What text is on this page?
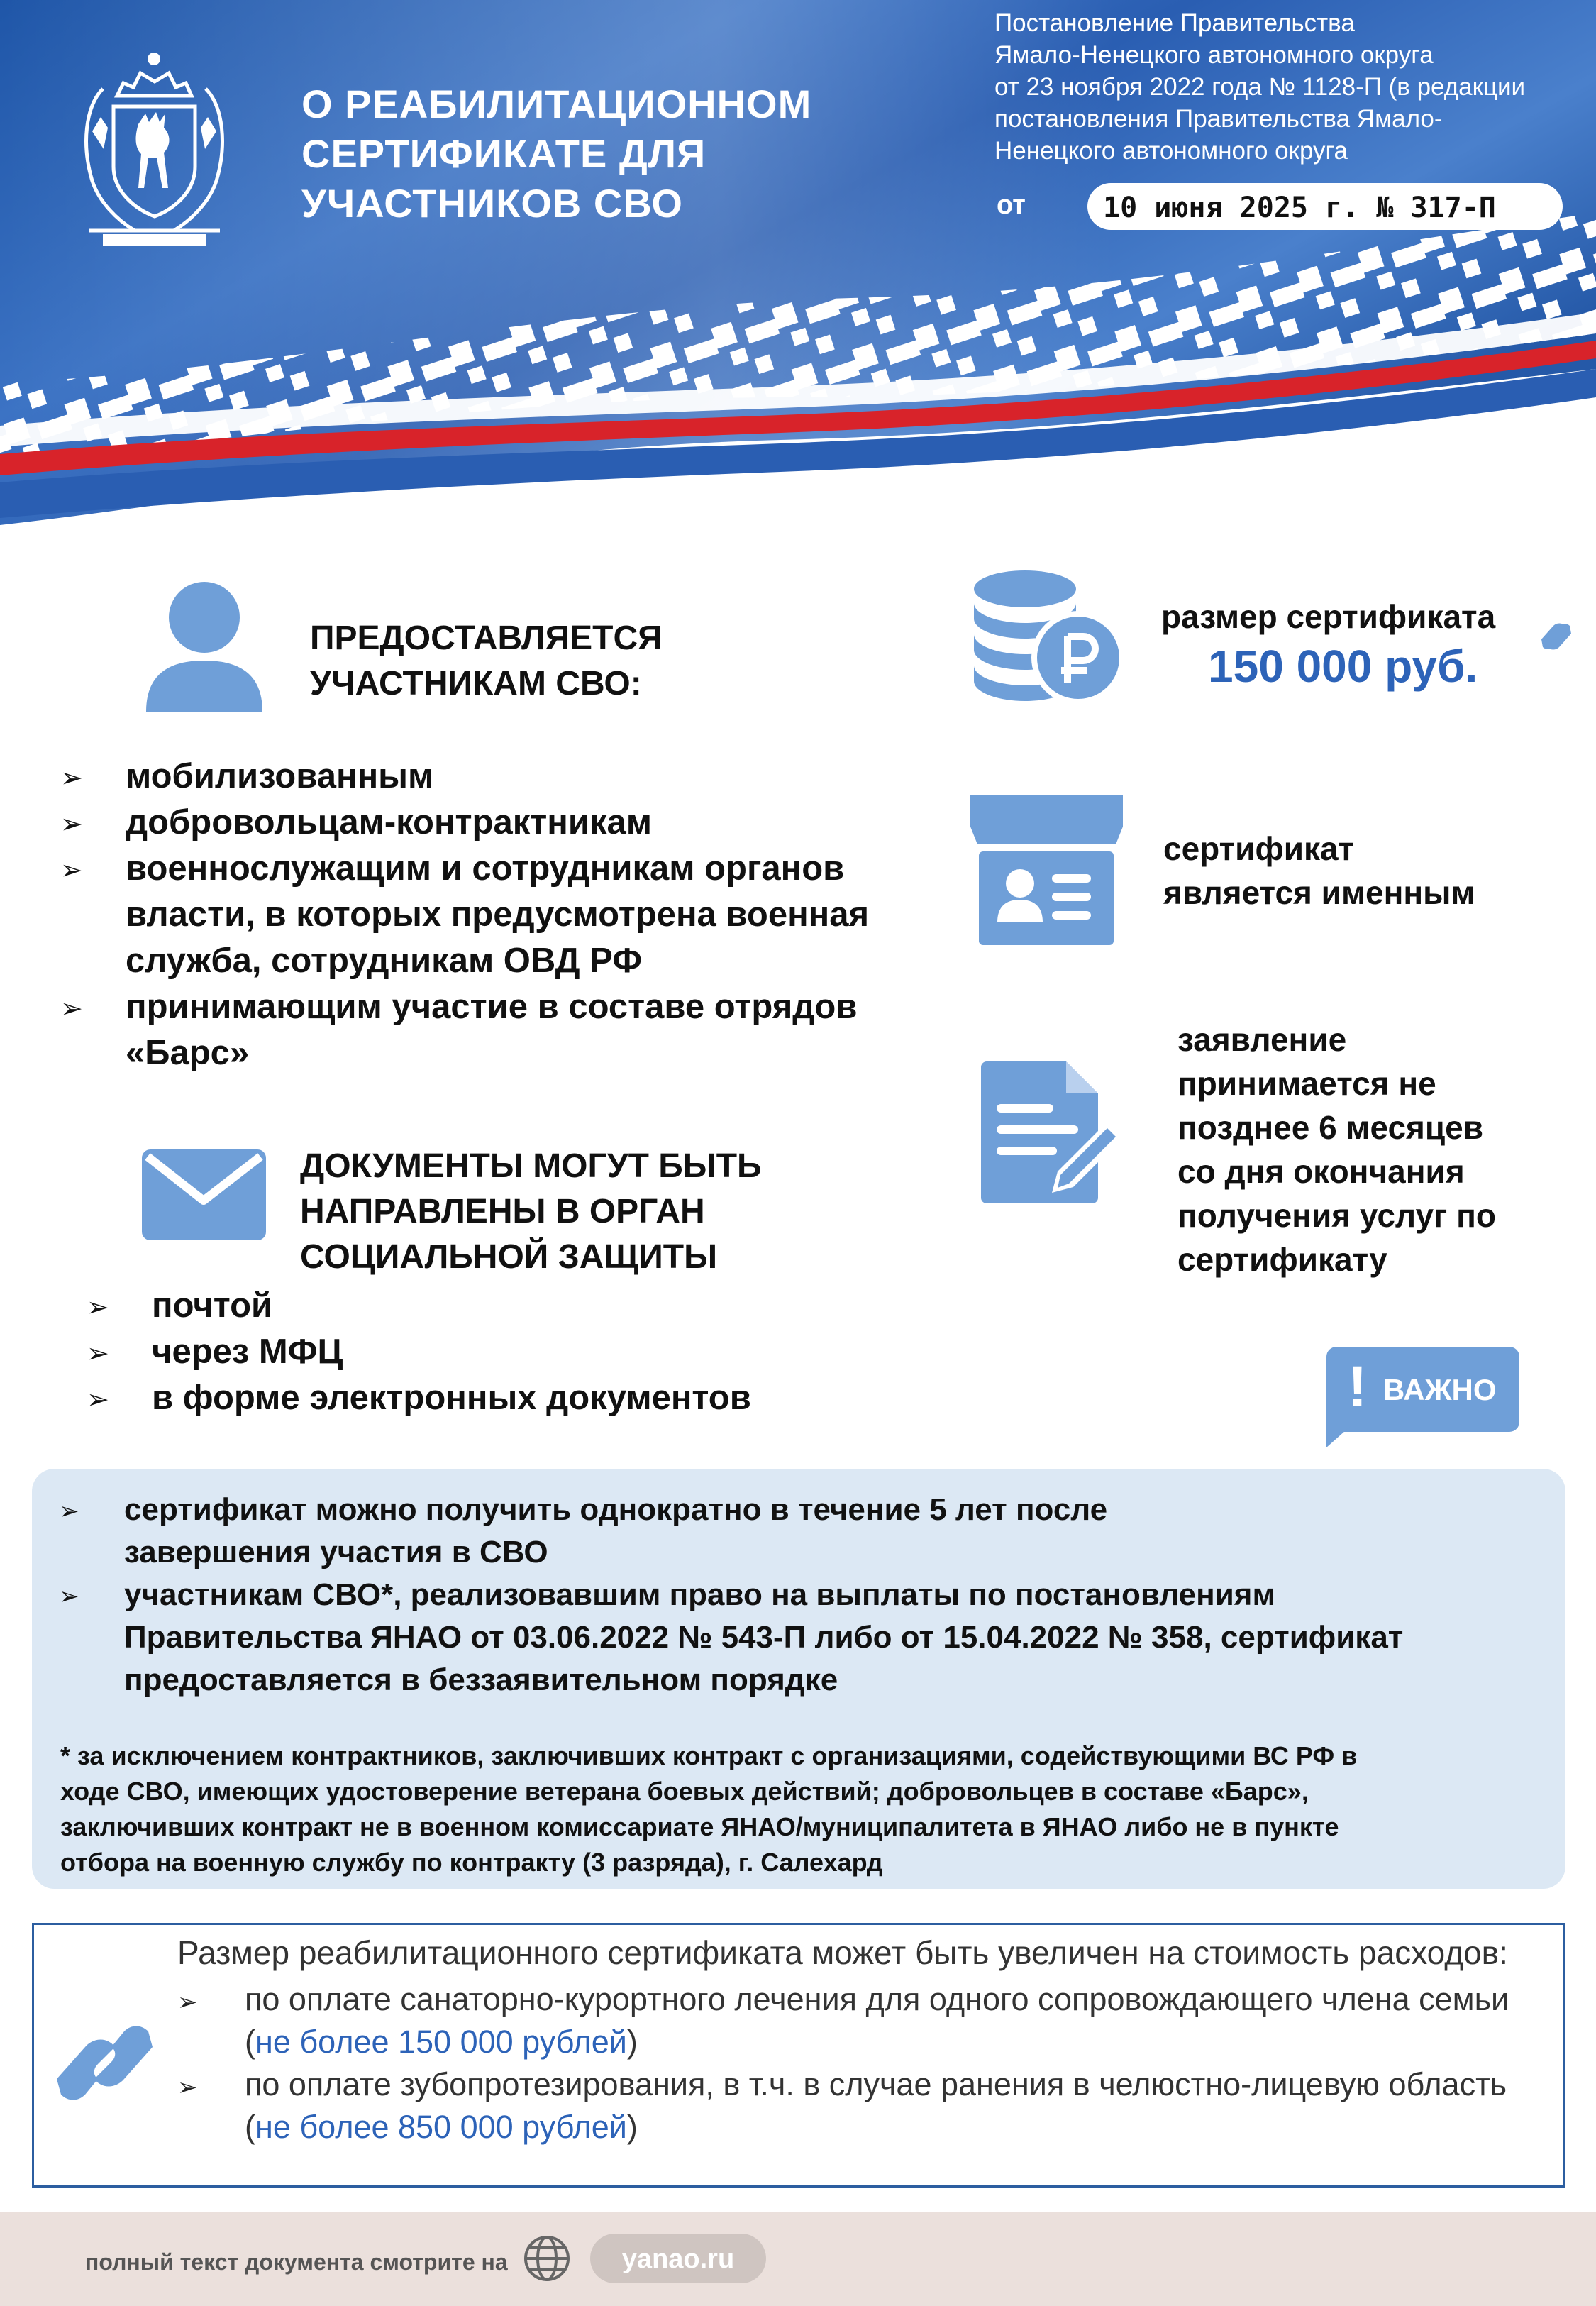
О РЕАБИЛИТАЦИОННОМ
СЕРТИФИКАТЕ ДЛЯ
УЧАСТНИКОВ СВО
Постановление Правительства
Ямало-Ненецкого автономного округа
от 23 ноября 2022 года № 1128-П (в редакции
постановления Правительства Ямало-
Ненецкого автономного округа
от	10 июня 2025 г. № 317-П
ПРЕДОСТАВЛЯЕТСЯ
УЧАСТНИКАМ СВО:
➢ мобилизованным
➢ добровольцам-контрактникам
➢ военнослужащим и сотрудникам органов
власти, в которых предусмотрена военная
служба, сотрудникам ОВД РФ
➢ принимающим участие в составе отрядов
«Барс»
ДОКУМЕНТЫ МОГУТ БЫТЬ
НАПРАВЛЕНЫ В ОРГАН
СОЦИАЛЬНОЙ ЗАЩИТЫ
➢ почтой
➢ через МФЦ
➢ в форме электронных документов
размер сертификата
150 000 руб.
сертификат
является именным
заявление
принимается не
позднее 6 месяцев
со дня окончания
получения услуг по
сертификату
! ВАЖНО
➢ сертификат можно получить однократно в течение 5 лет после
завершения участия в СВО
➢ участникам СВО*, реализовавшим право на выплаты по постановлениям
Правительства ЯНАО от 03.06.2022 № 543-П либо от 15.04.2022 № 358, сертификат
предоставляется в беззаявительном порядке
* за исключением контрактников, заключивших контракт с организациями, содействующими ВС РФ в
ходе СВО, имеющих удостоверение ветерана боевых действий; добровольцев в составе «Барс»,
заключивших контракт не в военном комиссариате ЯНАО/муниципалитета в ЯНАО либо не в пункте
отбора на военную службу по контракту (3 разряда), г. Салехард
Размер реабилитационного сертификата может быть увеличен на стоимость расходов:
➢ по оплате санаторно-курортного лечения для одного сопровождающего члена семьи
(не более 150 000 рублей)
➢ по оплате зубопротезирования, в т.ч. в случае ранения в челюстно-лицевую область
(не более 850 000 рублей)
полный текст документа смотрите на	yanao.ru
